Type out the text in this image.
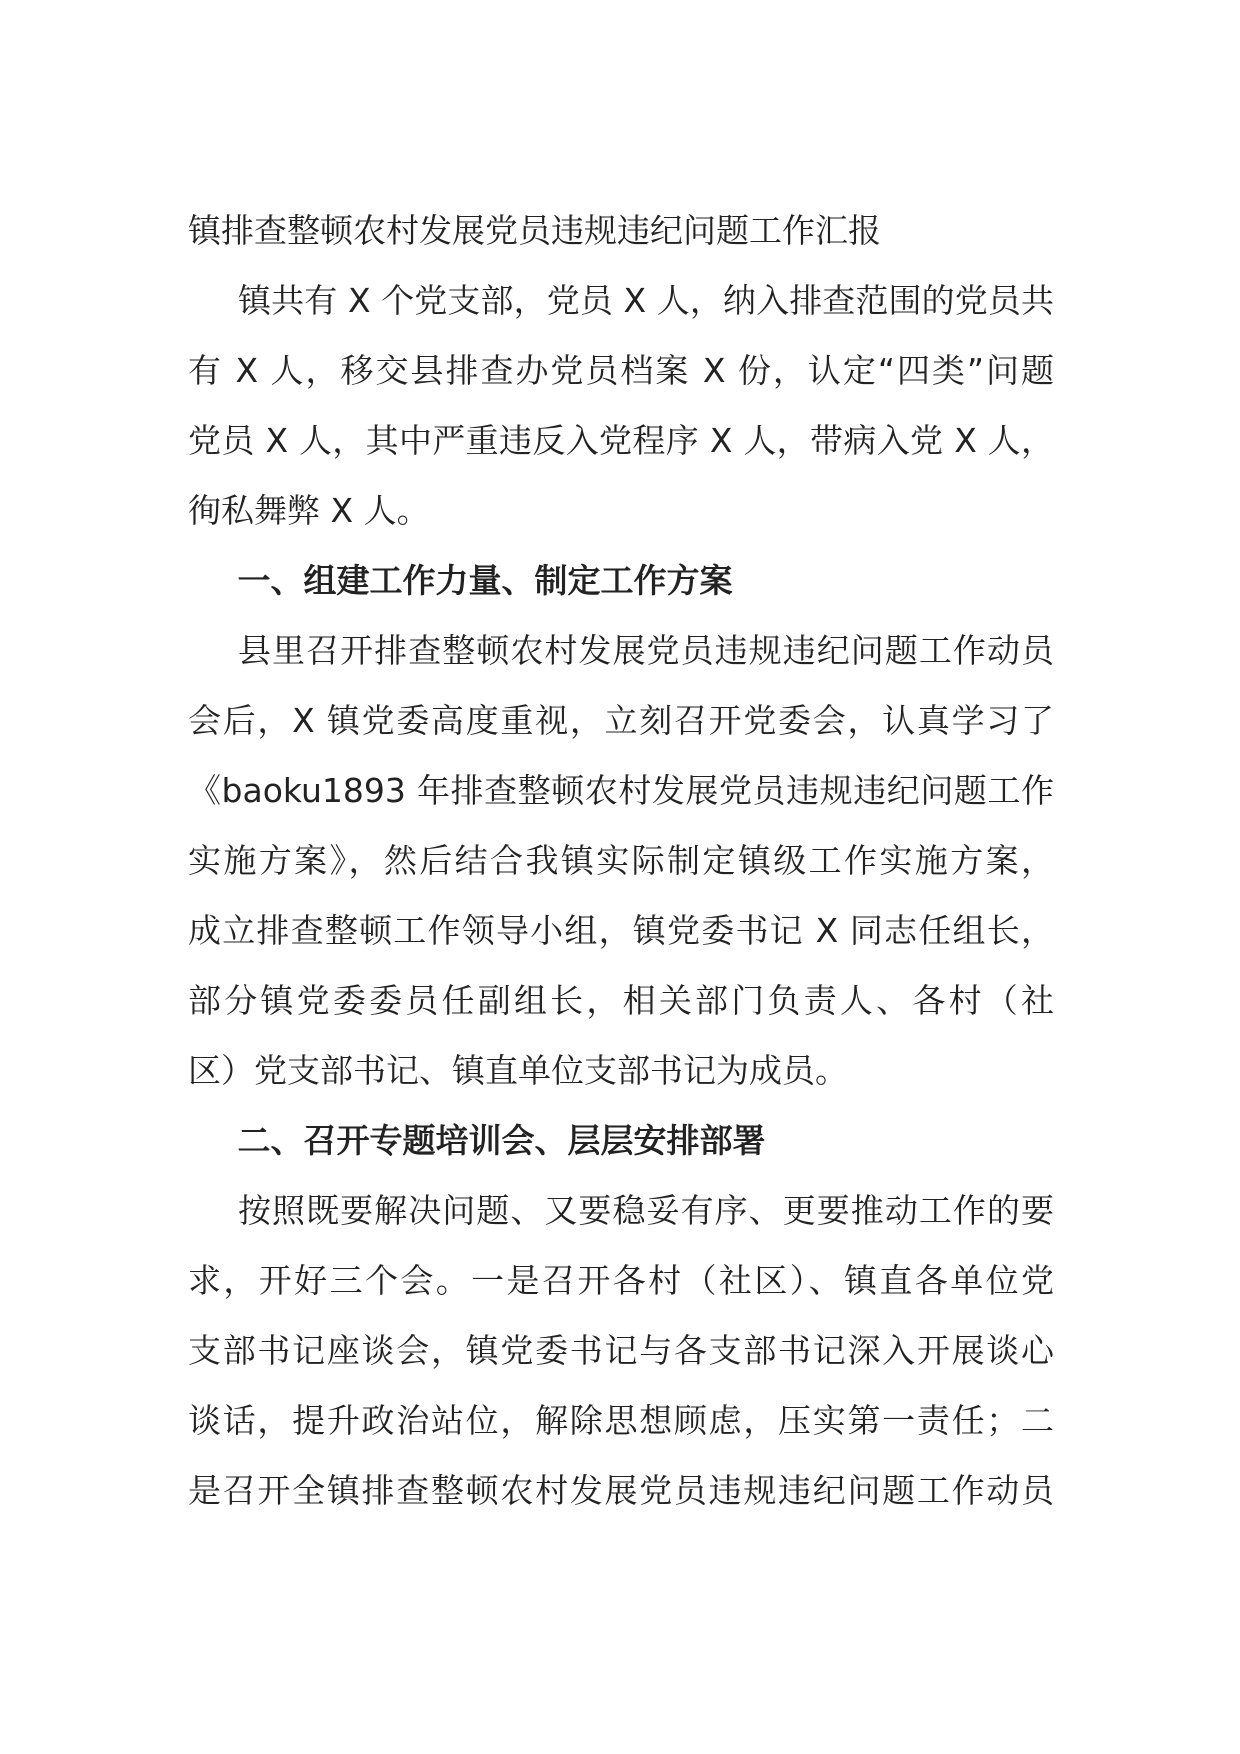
镇排查整顿农村发展党员违规违纪问题工作汇报
镇共有 X 个党支部，党员 X 人，纳入排查范围的党员共
有 X 人，移交县排查办党员档案 X 份，认定“四类”问题
党员 X 人，其中严重违反入党程序 X 人，带病入党 X 人，
徇私舞弊 X 人。
一、组建工作力量、制定工作方案
县里召开排查整顿农村发展党员违规违纪问题工作动员
会后，X 镇党委高度重视，立刻召开党委会，认真学习了
《baoku1893 年排查整顿农村发展党员违规违纪问题工作
实施方案》，然后结合我镇实际制定镇级工作实施方案，
成立排查整顿工作领导小组，镇党委书记 X 同志任组长，
部分镇党委委员任副组长，相关部门负责人、各村（社
区）党支部书记、镇直单位支部书记为成员。
二、召开专题培训会、层层安排部署
按照既要解决问题、又要稳妥有序、更要推动工作的要
求，开好三个会。一是召开各村（社区）、镇直各单位党
支部书记座谈会，镇党委书记与各支部书记深入开展谈心
谈话，提升政治站位，解除思想顾虑，压实第一责任；二
是召开全镇排查整顿农村发展党员违规违纪问题工作动员
